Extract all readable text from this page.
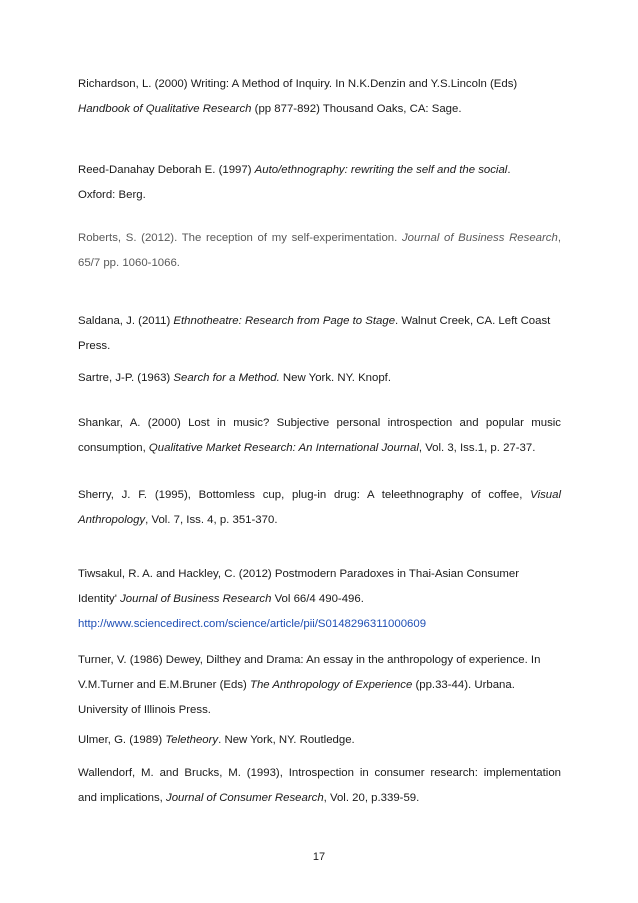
Richardson, L. (2000) Writing: A Method of Inquiry. In N.K.Denzin and Y.S.Lincoln (Eds)
Handbook of Qualitative Research (pp 877-892) Thousand Oaks, CA: Sage.
Reed-Danahay Deborah E. (1997) Auto/ethnography: rewriting the self and the social.
Oxford: Berg.
Roberts, S. (2012). The reception of my self-experimentation. Journal of Business Research,
65/7 pp. 1060-1066.
Saldana, J. (2011) Ethnotheatre: Research from Page to Stage. Walnut Creek, CA. Left Coast
Press.
Sartre, J-P. (1963) Search for a Method. New York. NY. Knopf.
Shankar, A. (2000) Lost in music? Subjective personal introspection and popular music
consumption, Qualitative Market Research: An International Journal, Vol. 3, Iss.1, p. 27-37.
Sherry, J. F. (1995), Bottomless cup, plug-in drug: A teleethnography of coffee, Visual
Anthropology, Vol. 7, Iss. 4, p. 351-370.
Tiwsakul, R. A. and Hackley, C. (2012) Postmodern Paradoxes in Thai-Asian Consumer
Identity' Journal of Business Research Vol 66/4 490-496.
http://www.sciencedirect.com/science/article/pii/S0148296311000609
Turner, V. (1986) Dewey, Dilthey and Drama: An essay in the anthropology of experience. In
V.M.Turner and E.M.Bruner (Eds) The Anthropology of Experience (pp.33-44). Urbana.
University of Illinois Press.
Ulmer, G. (1989) Teletheory. New York, NY. Routledge.
Wallendorf, M. and Brucks, M. (1993), Introspection in consumer research: implementation
and implications, Journal of Consumer Research, Vol. 20, p.339-59.
17
